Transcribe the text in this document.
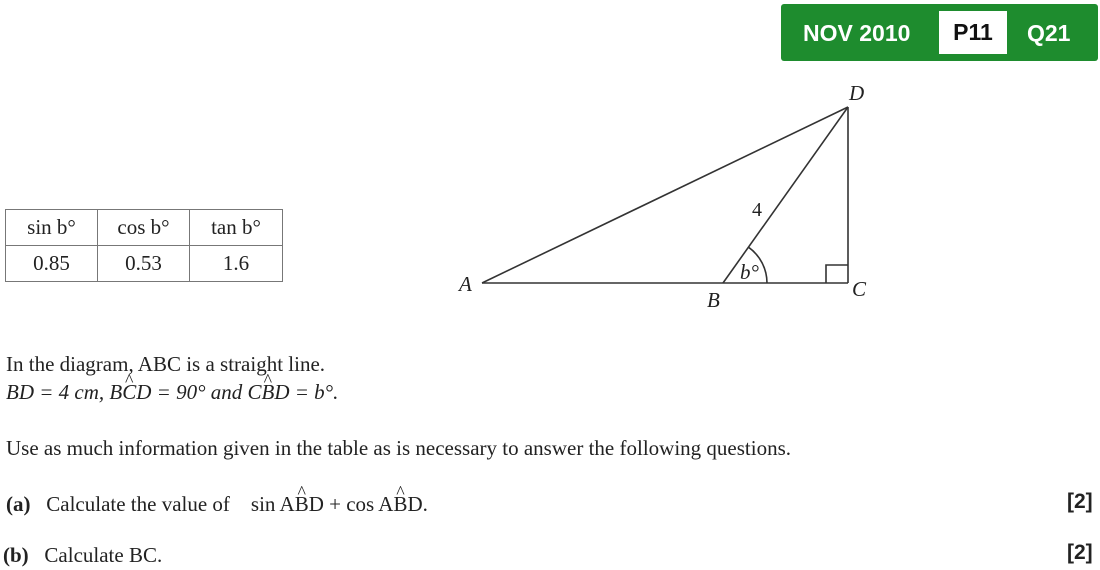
NOV 2010	P11	Q21
sin b°	cos b°	tan b°
0.85	0.53	1.6
A
B	C
D
b°
4
In the diagram, ABC is a straight line.
BD = 4 cm, B^ CD = 90° and C^ BD = b°.
Use as much information given in the table as is necessary to answer the following questions.
(a) Calculate the value of sin A^ BD + cos A^ BD.	[2]
(b) Calculate BC.	[2]
